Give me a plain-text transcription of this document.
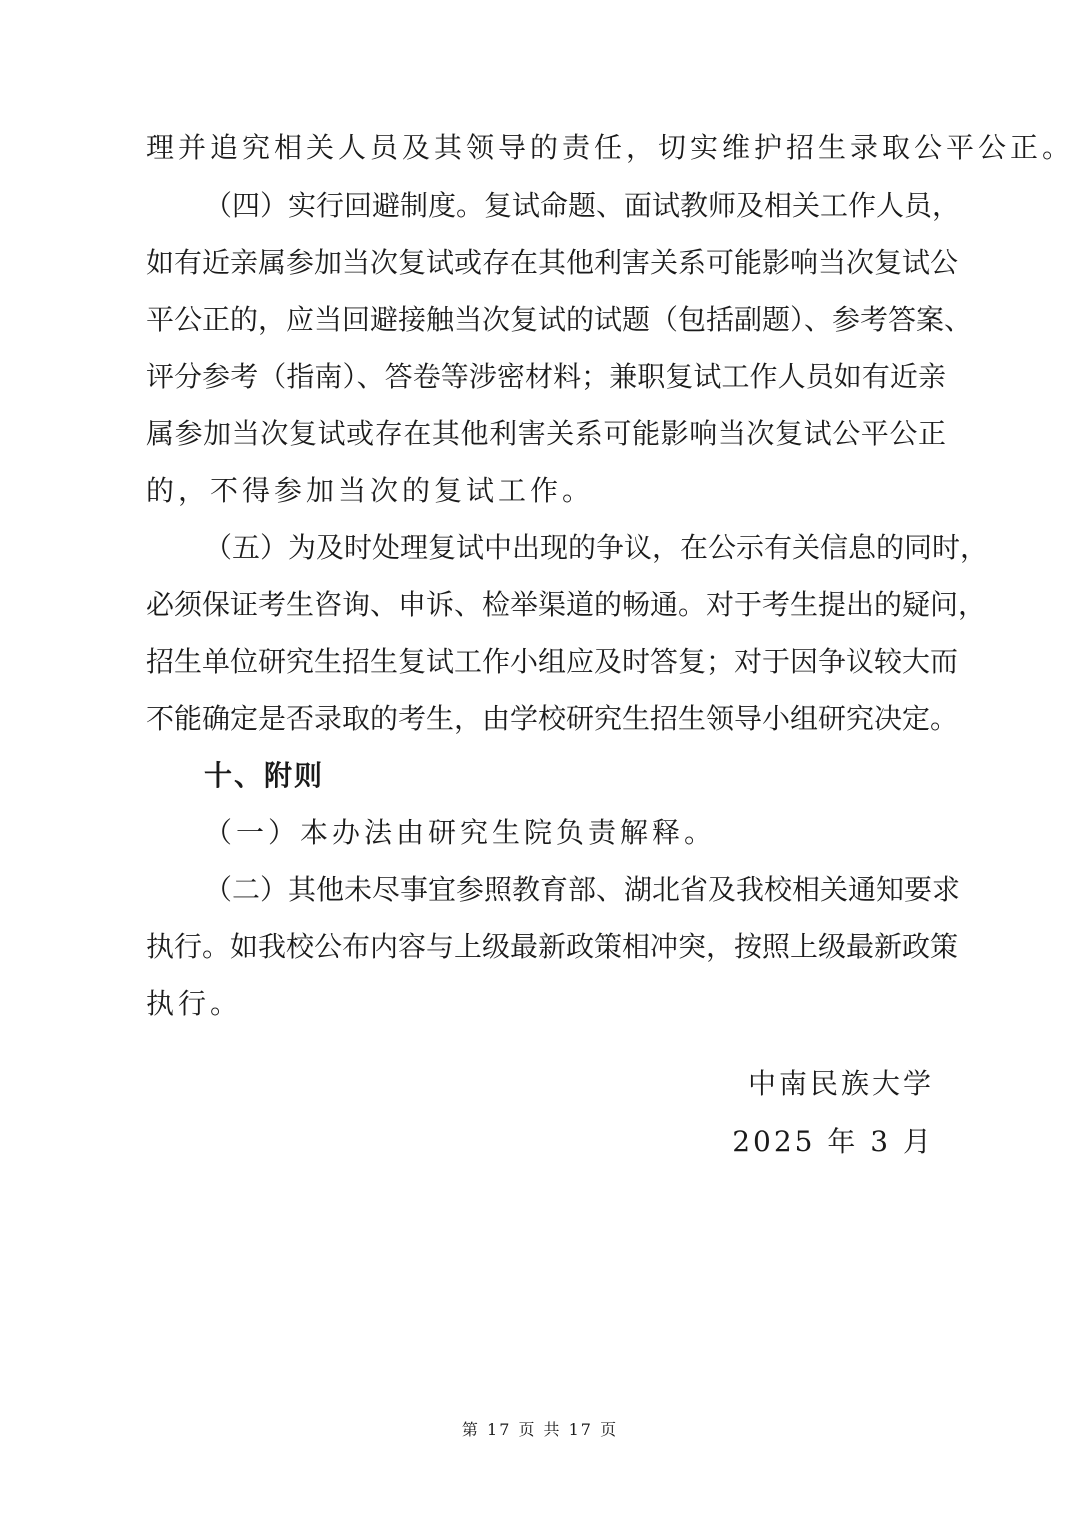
理并追究相关人员及其领导的责任，切实维护招生录取公平公正。
（四）实行回避制度。复试命题、面试教师及相关工作人员，
如有近亲属参加当次复试或存在其他利害关系可能影响当次复试公
平公正的，应当回避接触当次复试的试题（包括副题）、参考答案、
评分参考（指南）、答卷等涉密材料；兼职复试工作人员如有近亲
属参加当次复试或存在其他利害关系可能影响当次复试公平公正
的，不得参加当次的复试工作。
（五）为及时处理复试中出现的争议，在公示有关信息的同时，
必须保证考生咨询、申诉、检举渠道的畅通。对于考生提出的疑问，
招生单位研究生招生复试工作小组应及时答复；对于因争议较大而
不能确定是否录取的考生，由学校研究生招生领导小组研究决定。
十、附则
（一）本办法由研究生院负责解释。
（二）其他未尽事宜参照教育部、湖北省及我校相关通知要求
执行。如我校公布内容与上级最新政策相冲突，按照上级最新政策
执行。
中南民族大学
2025 年 3 月
第 17 页 共 17 页
